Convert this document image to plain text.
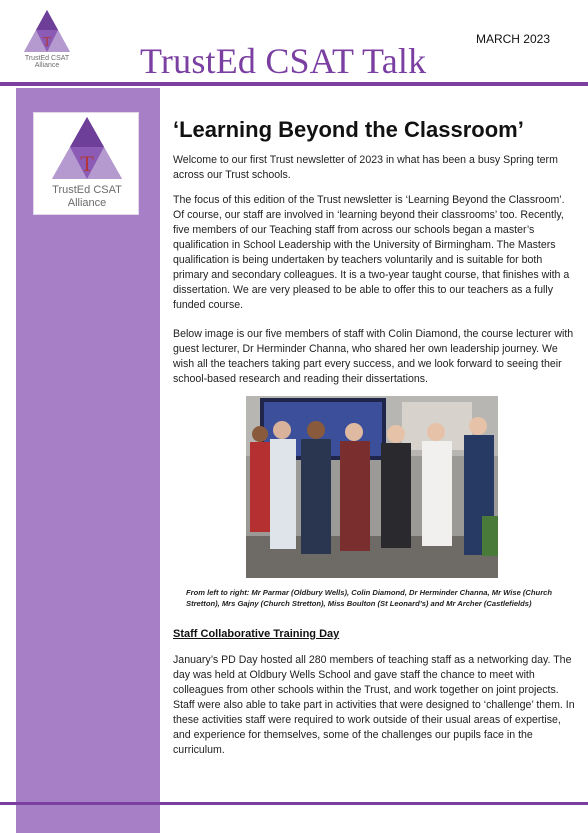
T
TrustEd CSAT
Alliance	TrustEd CSAT Talk
MARCH 2023
T
TrustEd CSAT
Alliance
‘Learning Beyond the Classroom’
Welcome to our first Trust newsletter of 2023 in what has been a busy Spring term across our Trust schools.
The focus of this edition of the Trust newsletter is ‘Learning Beyond the Classroom’. Of course, our staff are involved in ‘learning beyond their classrooms’ too. Recently, five members of our Teaching staff from across our schools began a master’s qualification in School Leadership with the University of Birmingham. The Masters qualification is being undertaken by teachers voluntarily and is suitable for both primary and secondary colleagues. It is a two-year taught course, that finishes with a dissertation. We are very pleased to be able to offer this to our teachers as a fully funded course.
Below image is our five members of staff with Colin Diamond, the course lecturer with guest lecturer, Dr Herminder Channa, who shared her own leadership journey. We wish all the teachers taking part every success, and we look forward to seeing their school-based research and reading their dissertations.
From left to right: Mr Parmar (Oldbury Wells), Colin Diamond, Dr Herminder Channa, Mr Wise (Church Stretton), Mrs Gajny (Church Stretton), Miss Boulton (St Leonard’s) and Mr Archer (Castlefields)
Staff Collaborative Training Day
January’s PD Day hosted all 280 members of teaching staff as a networking day. The day was held at Oldbury Wells School and gave staff the chance to meet with colleagues from other schools within the Trust, and work together on joint projects. Staff were also able to take part in activities that were designed to ‘challenge’ them. In these activities staff were required to work outside of their usual areas of expertise, and experience for themselves, some of the challenges our pupils face in the curriculum.
